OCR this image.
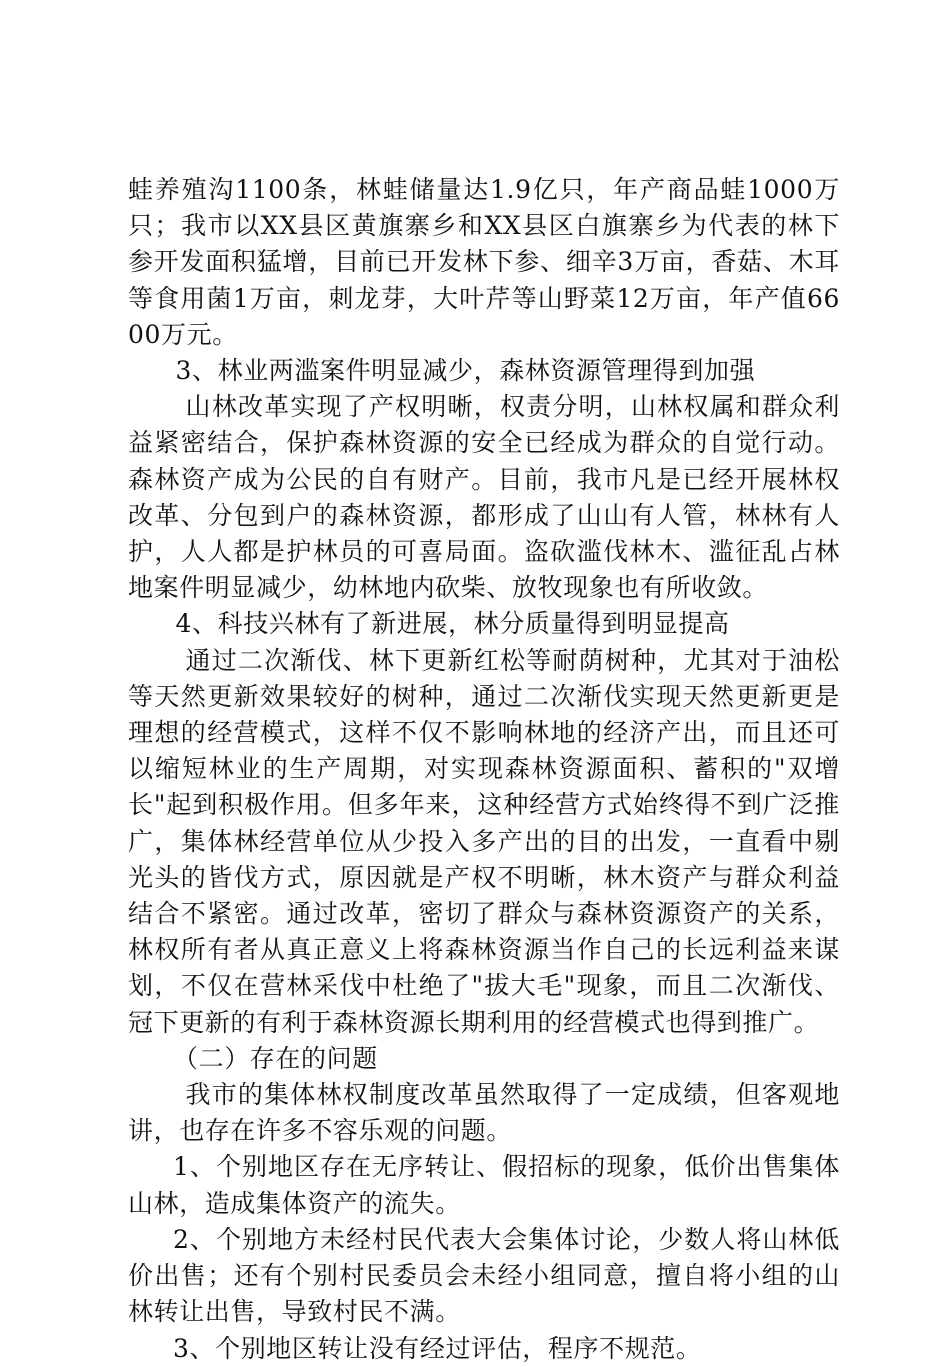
蛙养殖沟1100条，林蛙储量达1.9亿只，年产商品蛙1000万只；我市以XX县区黄旗寨乡和XX县区白旗寨乡为代表的林下参开发面积猛增，目前已开发林下参、细辛3万亩，香菇、木耳等食用菌1万亩，刺龙芽，大叶芹等山野菜12万亩，年产值6600万元。

3、林业两滥案件明显减少，森林资源管理得到加强

山林改革实现了产权明晰，权责分明，山林权属和群众利益紧密结合，保护森林资源的安全已经成为群众的自觉行动。森林资产成为公民的自有财产。目前，我市凡是已经开展林权改革、分包到户的森林资源，都形成了山山有人管，林林有人护，人人都是护林员的可喜局面。盗砍滥伐林木、滥征乱占林地案件明显减少，幼林地内砍柴、放牧现象也有所收敛。

4、科技兴林有了新进展，林分质量得到明显提高

通过二次渐伐、林下更新红松等耐荫树种，尤其对于油松等天然更新效果较好的树种，通过二次渐伐实现天然更新更是理想的经营模式，这样不仅不影响林地的经济产出，而且还可以缩短林业的生产周期，对实现森林资源面积、蓄积的"双增长"起到积极作用。但多年来，这种经营方式始终得不到广泛推广，集体林经营单位从少投入多产出的目的出发，一直看中剔光头的皆伐方式，原因就是产权不明晰，林木资产与群众利益结合不紧密。通过改革，密切了群众与森林资源资产的关系，林权所有者从真正意义上将森林资源当作自己的长远利益来谋划，不仅在营林采伐中杜绝了"拔大毛"现象，而且二次渐伐、冠下更新的有利于森林资源长期利用的经营模式也得到推广。

（二）存在的问题

我市的集体林权制度改革虽然取得了一定成绩，但客观地讲，也存在许多不容乐观的问题。

1、个别地区存在无序转让、假招标的现象，低价出售集体山林，造成集体资产的流失。

2、个别地方未经村民代表大会集体讨论，少数人将山林低价出售；还有个别村民委员会未经小组同意，擅自将小组的山林转让出售，导致村民不满。

3、个别地区转让没有经过评估，程序不规范。
